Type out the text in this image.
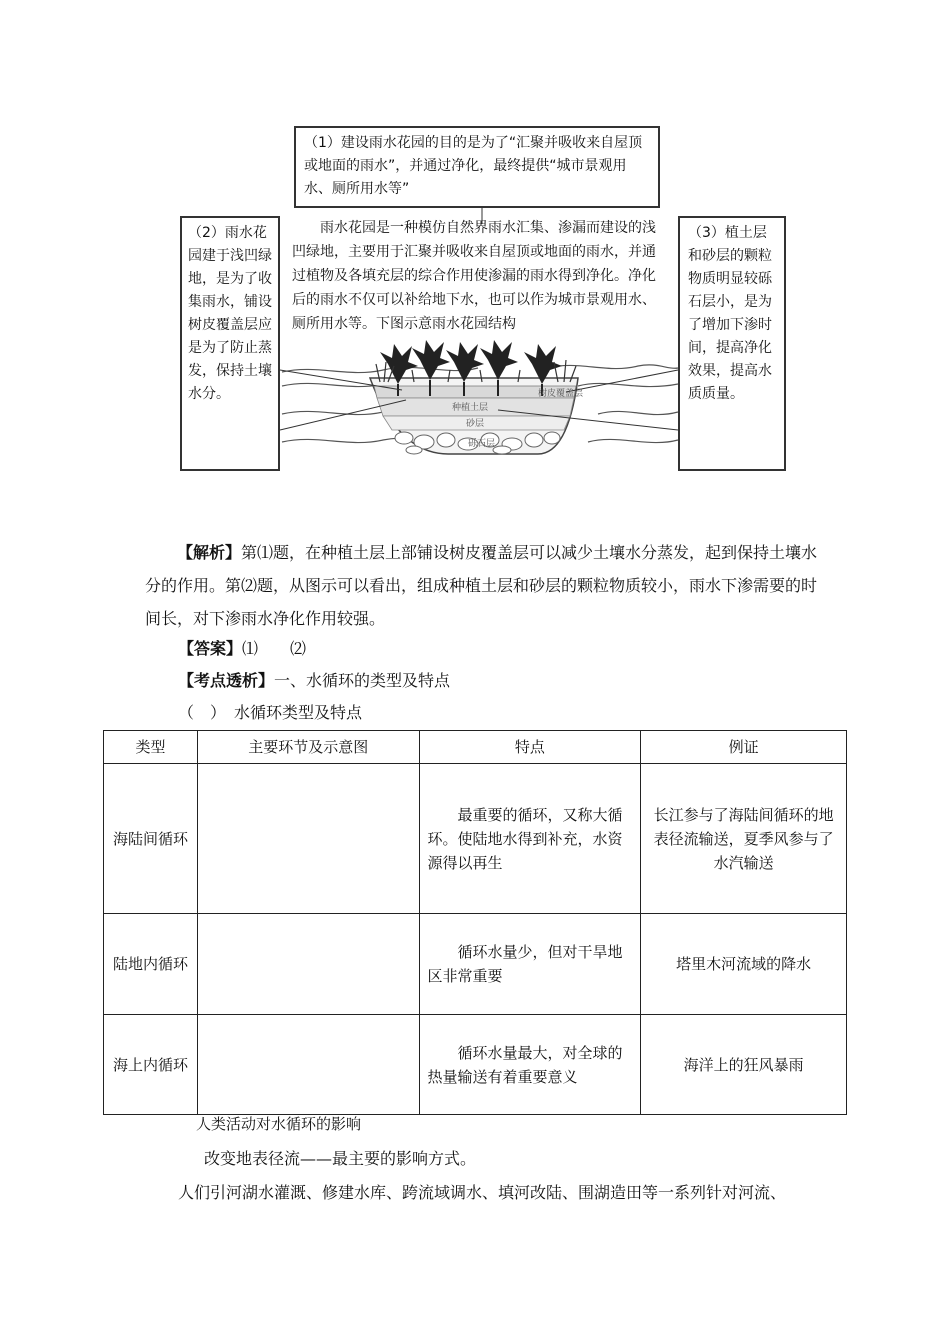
树皮覆盖层
种植土层
砂层
砾石层
（1）建设雨水花园的目的是为了“汇聚并吸收来自屋顶或地面的雨水”，并通过净化，最终提供“城市景观用水、厕所用水等”
（2）雨水花园建于浅凹绿地，是为了收集雨水，铺设树皮覆盖层应是为了防止蒸发，保持土壤水分。
（3）植土层和砂层的颗粒物质明显较砾石层小，是为了增加下渗时间，提高净化效果，提高水质质量。
雨水花园是一种模仿自然界雨水汇集、渗漏而建设的浅凹绿地，主要用于汇聚并吸收来自屋顶或地面的雨水，并通过植物及各填充层的综合作用使渗漏的雨水得到净化。净化后的雨水不仅可以补给地下水，也可以作为城市景观用水、厕所用水等。下图示意雨水花园结构
【解析】第⑴题，在种植土层上部铺设树皮覆盖层可以减少土壤水分蒸发，起到保持土壤水分的作用。第⑵题，从图示可以看出，组成种植土层和砂层的颗粒物质较小，雨水下渗需要的时间长，对下渗雨水净化作用较强。
【答案】⑴　　⑵
【考点透析】一、水循环的类型及特点
（　）　水循环类型及特点
类型	主要环节及示意图	特点	例证
海陆间循环		最重要的循环，又称大循环。使陆地水得到补充，水资源得以再生	长江参与了海陆间循环的地表径流输送，夏季风参与了水汽输送
陆地内循环		循环水量少，但对干旱地区非常重要	塔里木河流域的降水
海上内循环		循环水量最大，对全球的热量输送有着重要意义	海洋上的狂风暴雨
人类活动对水循环的影响
改变地表径流——最主要的影响方式。
人们引河湖水灌溉、修建水库、跨流域调水、填河改陆、围湖造田等一系列针对河流、
